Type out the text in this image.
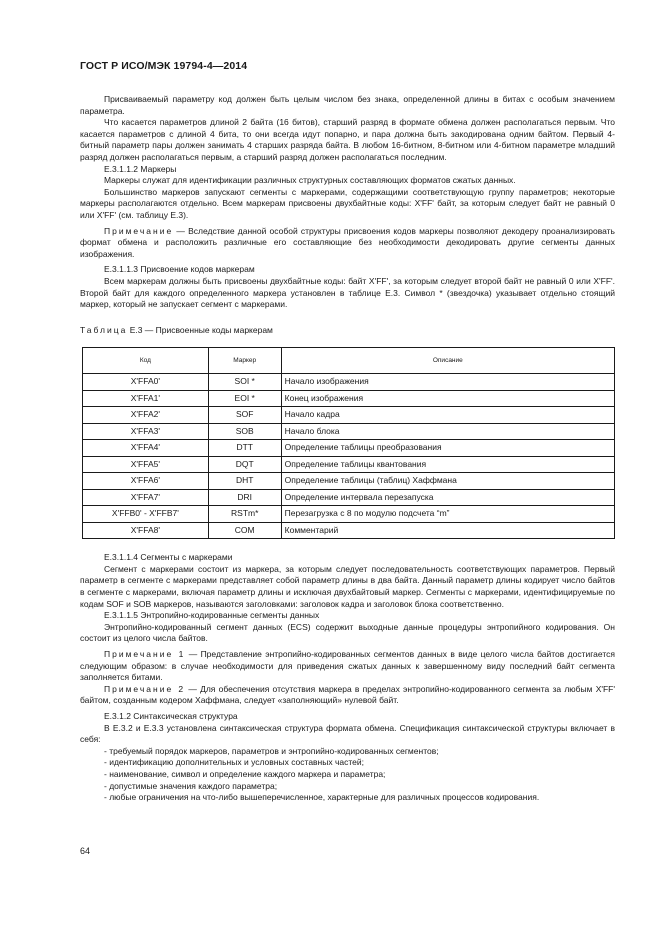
ГОСТ Р ИСО/МЭК 19794-4—2014

Присваиваемый параметру код должен быть целым числом без знака, определенной длины в битах с особым значением параметра.

Что касается параметров длиной 2 байта (16 битов), старший разряд в формате обмена должен располагаться первым. Что касается параметров с длиной 4 бита, то они всегда идут попарно, и пара должна быть закодирована одним байтом. Первый 4-битный параметр пары должен занимать 4 старших разряда байта. В любом 16-битном, 8-битном или 4-битном параметре младший разряд должен располагаться первым, а старший разряд должен располагаться последним.

Е.3.1.1.2 Маркеры

Маркеры служат для идентификации различных структурных составляющих форматов сжатых данных.

Большинство маркеров запускают сегменты с маркерами, содержащими соответствующую группу параметров; некоторые маркеры располагаются отдельно. Всем маркерам присвоены двухбайтные коды: X'FF' байт, за которым следует байт не равный 0 или X'FF' (см. таблицу Е.3).

Примечание — Вследствие данной особой структуры присвоения кодов маркеры позволяют декодеру проанализировать формат обмена и расположить различные его составляющие без необходимости декодировать другие сегменты данных изображения.

Е.3.1.1.3 Присвоение кодов маркерам

Всем маркерам должны быть присвоены двухбайтные коды: байт X'FF', за которым следует второй байт не равный 0 или X'FF'. Второй байт для каждого определенного маркера установлен в таблице Е.3. Символ * (звездочка) указывает отдельно стоящий маркер, который не запускает сегмент с маркерами.

Таблица Е.3 — Присвоенные коды маркерам

Код	Маркер	Описание
X'FFA0'	SOI *	Начало изображения
X'FFA1'	EOI *	Конец изображения
X'FFA2'	SOF	Начало кадра
X'FFA3'	SOB	Начало блока
X'FFA4'	DTT	Определение таблицы преобразования
X'FFA5'	DQT	Определение таблицы квантования
X'FFA6'	DHT	Определение таблицы (таблиц) Хаффмана
X'FFA7'	DRI	Определение интервала перезапуска
X'FFB0' - X'FFB7'	RSTm*	Перезагрузка с 8 по модулю подсчета “m”
X'FFA8'	COM	Комментарий

Е.3.1.1.4 Сегменты с маркерами

Сегмент с маркерами состоит из маркера, за которым следует последовательность соответствующих параметров. Первый параметр в сегменте с маркерами представляет собой параметр длины в два байта. Данный параметр длины кодирует число байтов в сегменте с маркерами, включая параметр длины и исключая двухбайтовый маркер. Сегменты с маркерами, идентифицируемые по кодам SOF и SOB маркеров, называются заголовками: заголовок кадра и заголовок блока соответственно.

Е.3.1.1.5 Энтропийно-кодированные сегменты данных

Энтропийно-кодированный сегмент данных (ECS) содержит выходные данные процедуры энтропийного кодирования. Он состоит из целого числа байтов.

Примечание 1 — Представление энтропийно-кодированных сегментов данных в виде целого числа байтов достигается следующим образом: в случае необходимости для приведения сжатых данных к завершенному виду последний байт сегмента заполняется битами.

Примечание 2 — Для обеспечения отсутствия маркера в пределах энтропийно-кодированного сегмента за любым X'FF' байтом, созданным кодером Хаффмана, следует «заполняющий» нулевой байт.

Е.3.1.2 Синтаксическая структура

В Е.3.2 и Е.3.3 установлена синтаксическая структура формата обмена. Спецификация синтаксической структуры включает в себя:

- требуемый порядок маркеров, параметров и энтропийно-кодированных сегментов;

- идентификацию дополнительных и условных составных частей;

- наименование, символ и определение каждого маркера и параметра;

- допустимые значения каждого параметра;

- любые ограничения на что-либо вышеперечисленное, характерные для различных процессов кодирования.

64
